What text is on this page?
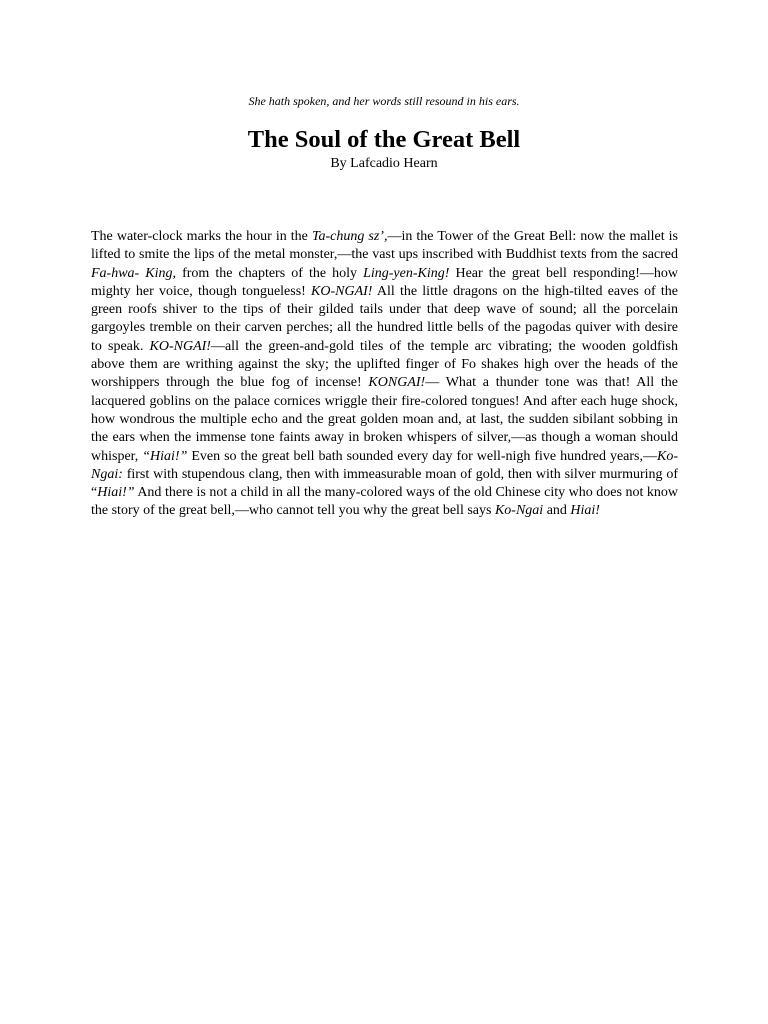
She hath spoken, and her words still resound in his ears.
The Soul of the Great Bell
By Lafcadio Hearn

The water-clock marks the hour in the Ta-chung sz’,—in the Tower of the Great Bell: now the mallet is lifted to smite the lips of the metal monster,—the vast ups inscribed with Buddhist texts from the sacred Fa-hwa- King, from the chapters of the holy Ling-yen-King! Hear the great bell responding!—how mighty her voice, though tongueless! KO-NGAI! All the little dragons on the high-tilted eaves of the green roofs shiver to the tips of their gilded tails under that deep wave of sound; all the porcelain gargoyles tremble on their carven perches; all the hundred little bells of the pagodas quiver with desire to speak. KO-NGAI!—all the green-and-gold tiles of the temple arc vibrating; the wooden goldfish above them are writhing against the sky; the uplifted finger of Fo shakes high over the heads of the worshippers through the blue fog of incense! KONGAI!— What a thunder tone was that! All the lacquered goblins on the palace cornices wriggle their fire-colored tongues! And after each huge shock, how wondrous the multiple echo and the great golden moan and, at last, the sudden sibilant sobbing in the ears when the immense tone faints away in broken whispers of silver,—as though a woman should whisper, “Hiai!” Even so the great bell bath sounded every day for well-nigh five hundred years,—Ko-Ngai: first with stupendous clang, then with immeasurable moan of gold, then with silver murmuring of “Hiai!” And there is not a child in all the many-colored ways of the old Chinese city who does not know the story of the great bell,—who cannot tell you why the great bell says Ko-Ngai and Hiai!
